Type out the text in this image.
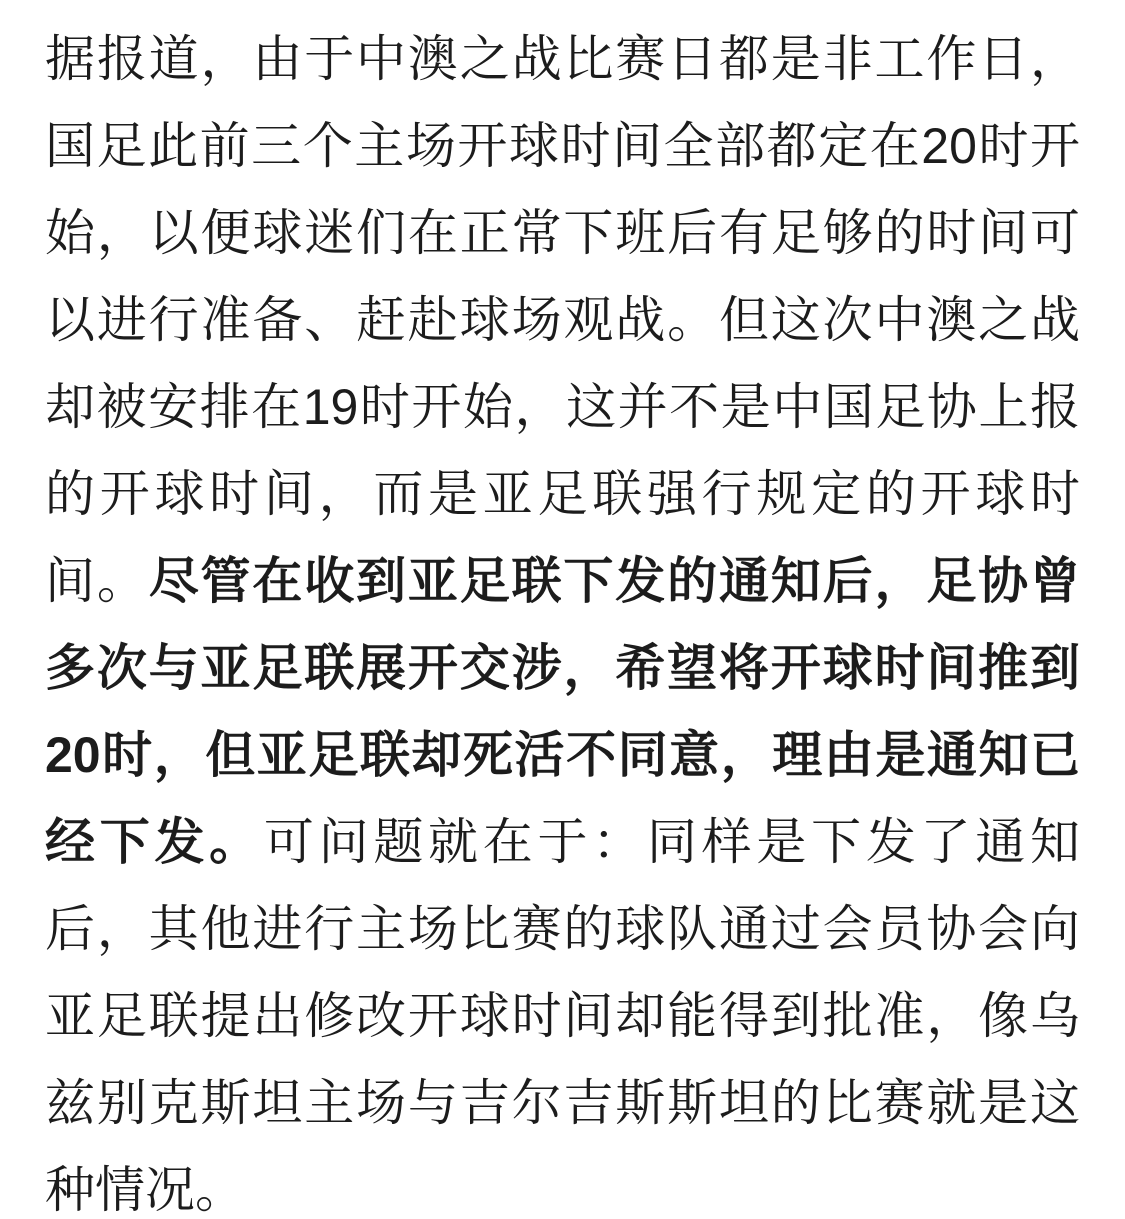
据报道，由于中澳之战比赛日都是非工作日，
国足此前三个主场开球时间全部都定在20时开
始，以便球迷们在正常下班后有足够的时间可
以进行准备、赶赴球场观战。但这次中澳之战
却被安排在19时开始，这并不是中国足协上报
的开球时间，而是亚足联强行规定的开球时
间。尽管在收到亚足联下发的通知后，足协曾
多次与亚足联展开交涉，希望将开球时间推到
20时，但亚足联却死活不同意，理由是通知已
经下发。可问题就在于：同样是下发了通知
后，其他进行主场比赛的球队通过会员协会向
亚足联提出修改开球时间却能得到批准，像乌
兹别克斯坦主场与吉尔吉斯斯坦的比赛就是这
种情况。
